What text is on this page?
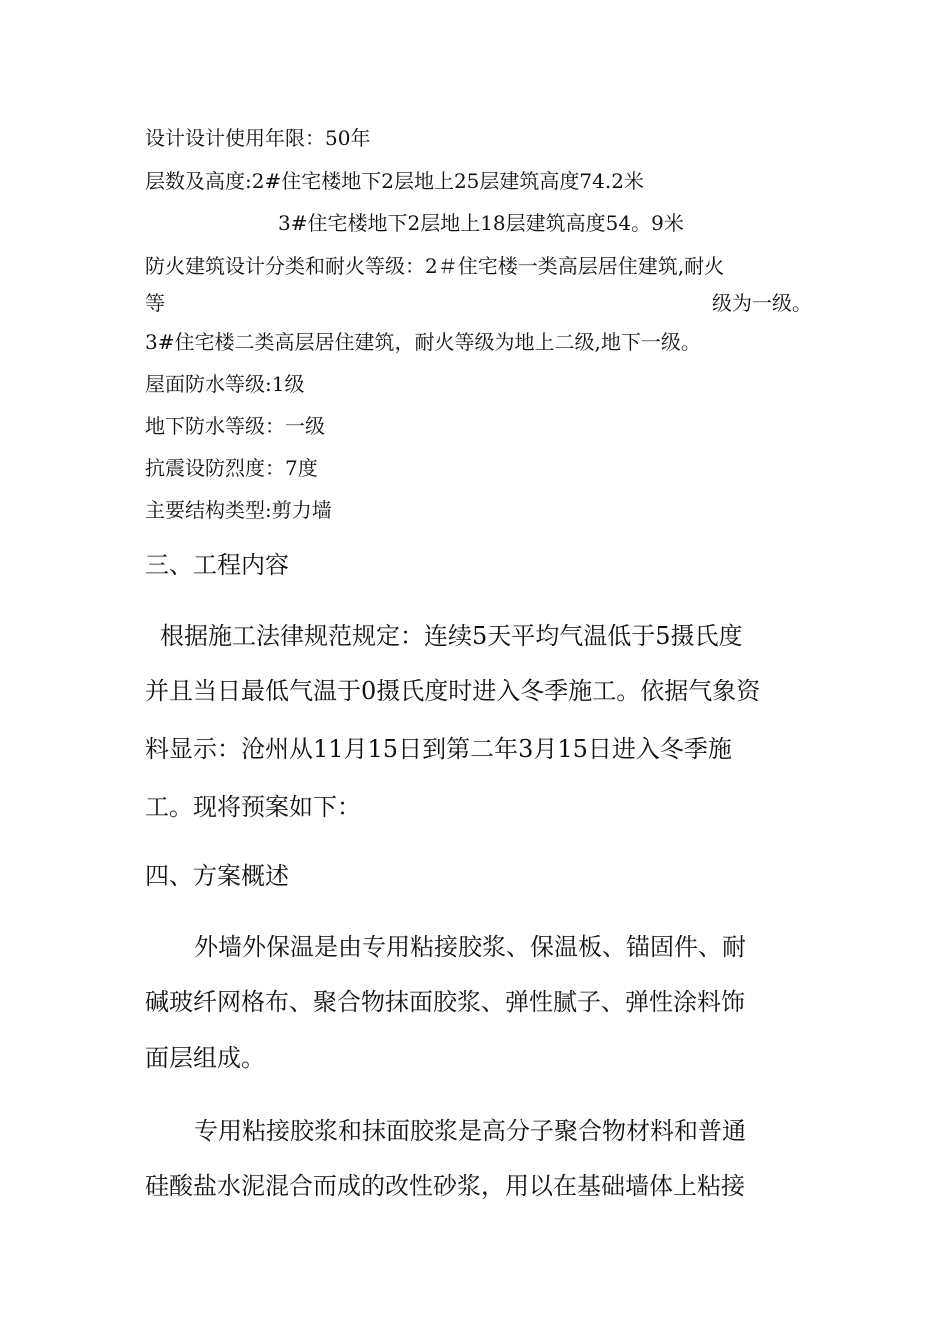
设计设计使用年限：50年
层数及高度:2#住宅楼地下2层地上25层建筑高度74.2米
3#住宅楼地下2层地上18层建筑高度54。9米
防火建筑设计分类和耐火等级：2＃住宅楼一类高层居住建筑,耐火
等	级为一级。
3#住宅楼二类高层居住建筑，耐火等级为地上二级,地下一级。
屋面防水等级:1级
地下防水等级：一级
抗震设防烈度：7度
主要结构类型:剪力墙
三、工程内容
根据施工法律规范规定：连续5天平均气温低于5摄氏度
并且当日最低气温于0摄氏度时进入冬季施工。依据气象资
料显示：沧州从11月15日到第二年3月15日进入冬季施
工。现将预案如下：
四、方案概述
外墙外保温是由专用粘接胶浆、保温板、锚固件、耐
碱玻纤网格布、聚合物抹面胶浆、弹性腻子、弹性涂料饰
面层组成。
专用粘接胶浆和抹面胶浆是高分子聚合物材料和普通
硅酸盐水泥混合而成的改性砂浆，用以在基础墙体上粘接
